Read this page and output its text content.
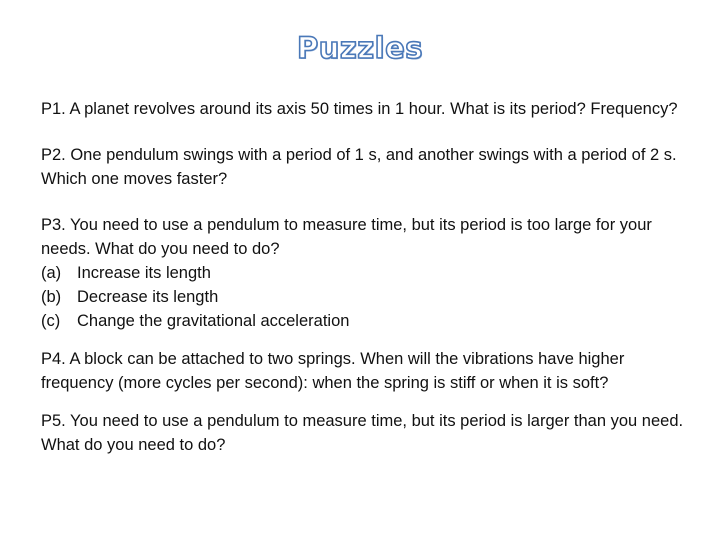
Puzzles

P1. A planet revolves around its axis 50 times in 1 hour. What is its period? Frequency?

P2. One pendulum swings with a period of 1 s, and another swings with a period of 2 s. Which one moves faster?

P3. You need to use a pendulum to measure time, but its period is too large for your needs. What do you need to do?

(a) Increase its length
(b) Decrease its length
(c)	Change the gravitational acceleration

P4. A block can be attached to two springs. When will the vibrations have higher frequency (more cycles per second): when the spring is stiff or when it is soft?

P5. You need to use a pendulum to measure time, but its period is larger than you need. What do you need to do?
